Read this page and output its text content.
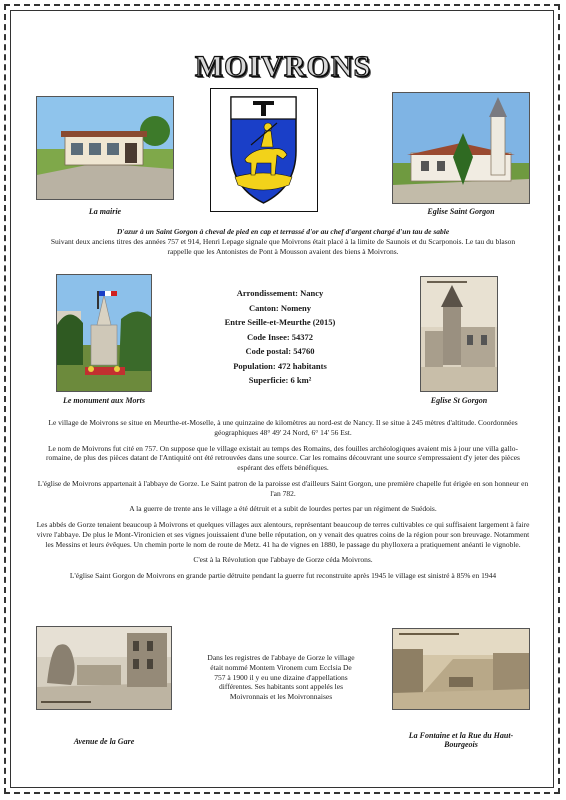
MOIVRONS
La mairie	Eglise Saint Gorgon
D'azur à un Saint Gorgon à cheval de pied en cap et terrassé d'or au chef d'argent chargé d'un tau de sable
Suivant deux anciens titres des années 757 et 914, Henri Lepage signale que Moivrons était placé à la limite de Saunois et du Scarponois. Le tau du blason rappelle que les Antonistes de Pont à Mousson avaient des biens à Moivrons.
Le monument aux Morts
Arrondissement: Nancy
Canton: Nomeny
Entre Seille-et-Meurthe (2015)
Code Insee: 54372
Code postal: 54760
Population: 472 habitants
Superficie: 6 km²
Eglise St Gorgon

Le village de Moivrons se situe en Meurthe-et-Moselle, à une quinzaine de kilomètres au nord-est de Nancy. Il se situe à 245 mètres d'altitude. Coordonnées géographiques 48° 49' 24 Nord, 6° 14' 56 Est.

Le nom de Moivrons fut cité en 757. On suppose que le village existait au temps des Romains, des fouilles archéologiques avaient mis à jour une villa gallo-romaine, de plus des pièces datant de l'Antiquité ont été retrouvées dans une source. Car les romains découvrant une source s'empressaient d'y jeter des pièces espérant des effets bénéfiques.

L'église de Moivrons appartenait à l'abbaye de Gorze. Le Saint patron de la paroisse est d'ailleurs Saint Gorgon, une première chapelle fut érigée en son honneur en l'an 782.

A la guerre de trente ans le village a été détruit et a subit de lourdes pertes par un régiment de Suédois.

Les abbés de Gorze tenaient beaucoup à Moivrons et quelques villages aux alentours, représentant beaucoup de terres cultivables ce qui suffisaient largement à faire vivre l'abbaye. De plus le Mont-Vironicien et ses vignes jouissaient d'une belle réputation, on y venait des quatres coins de la région pour son breuvage. Notamment les Messins et leurs évêques. Un chemin porte le nom de route de Metz. 41 ha de vignes en 1880, le passage du phylloxera a pratiquement anéanti le vignoble.

C'est à la Révolution que l'abbaye de Gorze céda Moivrons.

L'église Saint Gorgon de Moivrons en grande partie détruite pendant la guerre fut reconstruite après 1945 le village est sinistré à 85% en 1944

Avenue de la Gare
Dans les registres de l'abbaye de Gorze le village était nommé Montem Vironem cum Ecclsia De 757 à 1900 il y eu une dizaine d'appellations différentes. Ses habitants sont appelés les Moivronnais et les Moivronnaises
La Fontaine et la Rue du Haut-Bourgeois
